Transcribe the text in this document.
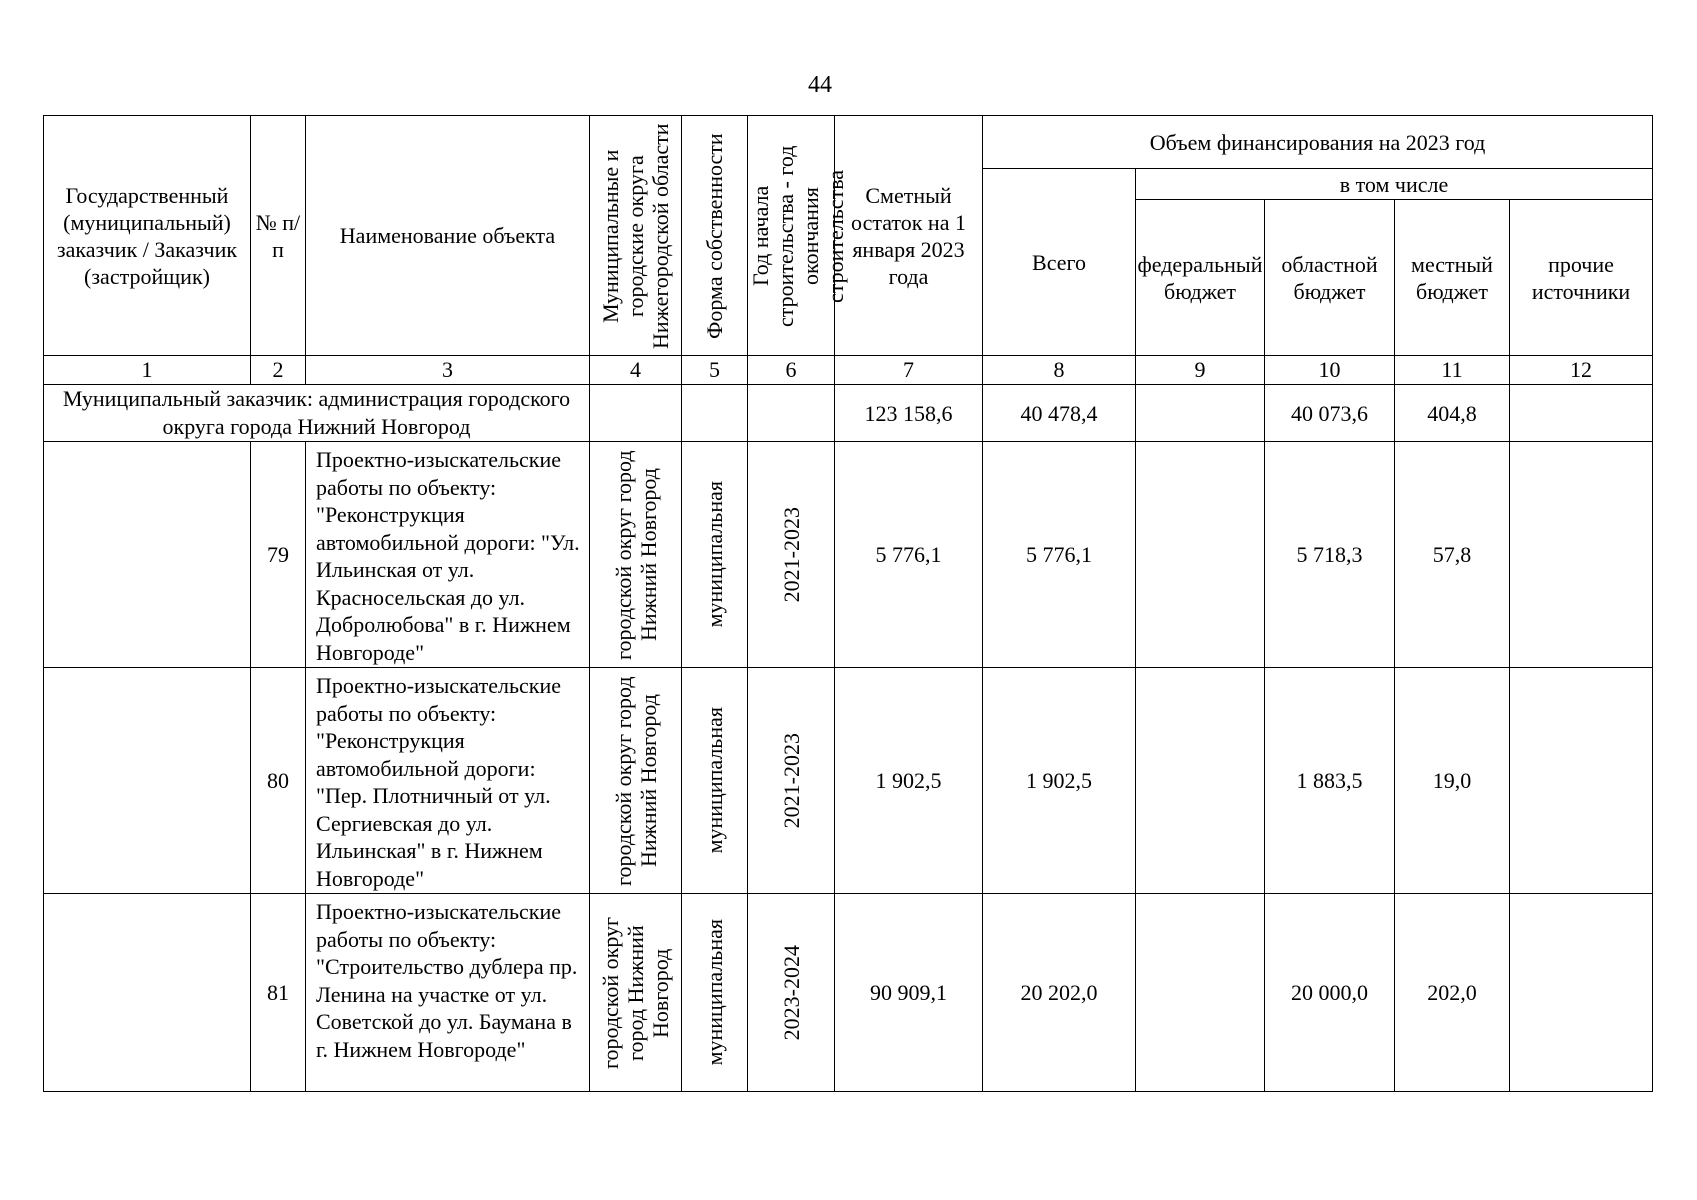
44
Государственный (муниципальный) заказчик / Заказчик (застройщик)	№ п/п	Наименование объекта	Муниципальные и городские округа Нижегородской области	Форма собственности	Год начала строительства - год окончания строительства	Сметный остаток на 1 января 2023 года	Объем финансирования на 2023 год				
							Всего	в том числе			
								федеральный бюджет	областной бюджет	местный бюджет	прочие источники
1	2	3	4	5	6	7	8	9	10	11	12
Муниципальный заказчик: администрация городского округа города Нижний Новгород						123 158,6	40 478,4		40 073,6	404,8	
	79	Проектно-изыскательские работы по объекту: "Реконструкция автомобильной дороги: "Ул. Ильинская от ул. Красносельская до ул. Добролюбова" в г. Нижнем Новгороде"	городской округ город Нижний Новгород	муниципальная	2021-2023	5 776,1	5 776,1		5 718,3	57,8	
	80	Проектно-изыскательские работы по объекту: "Реконструкция автомобильной дороги: "Пер. Плотничный от ул. Сергиевская до ул. Ильинская" в г. Нижнем Новгороде"	городской округ город Нижний Новгород	муниципальная	2021-2023	1 902,5	1 902,5		1 883,5	19,0	
	81	Проектно-изыскательские работы по объекту: "Строительство дублера пр. Ленина на участке от ул. Советской до ул. Баумана в г. Нижнем Новгороде"	городской округ город Нижний Новгород	муниципальная	2023-2024	90 909,1	20 202,0		20 000,0	202,0	
